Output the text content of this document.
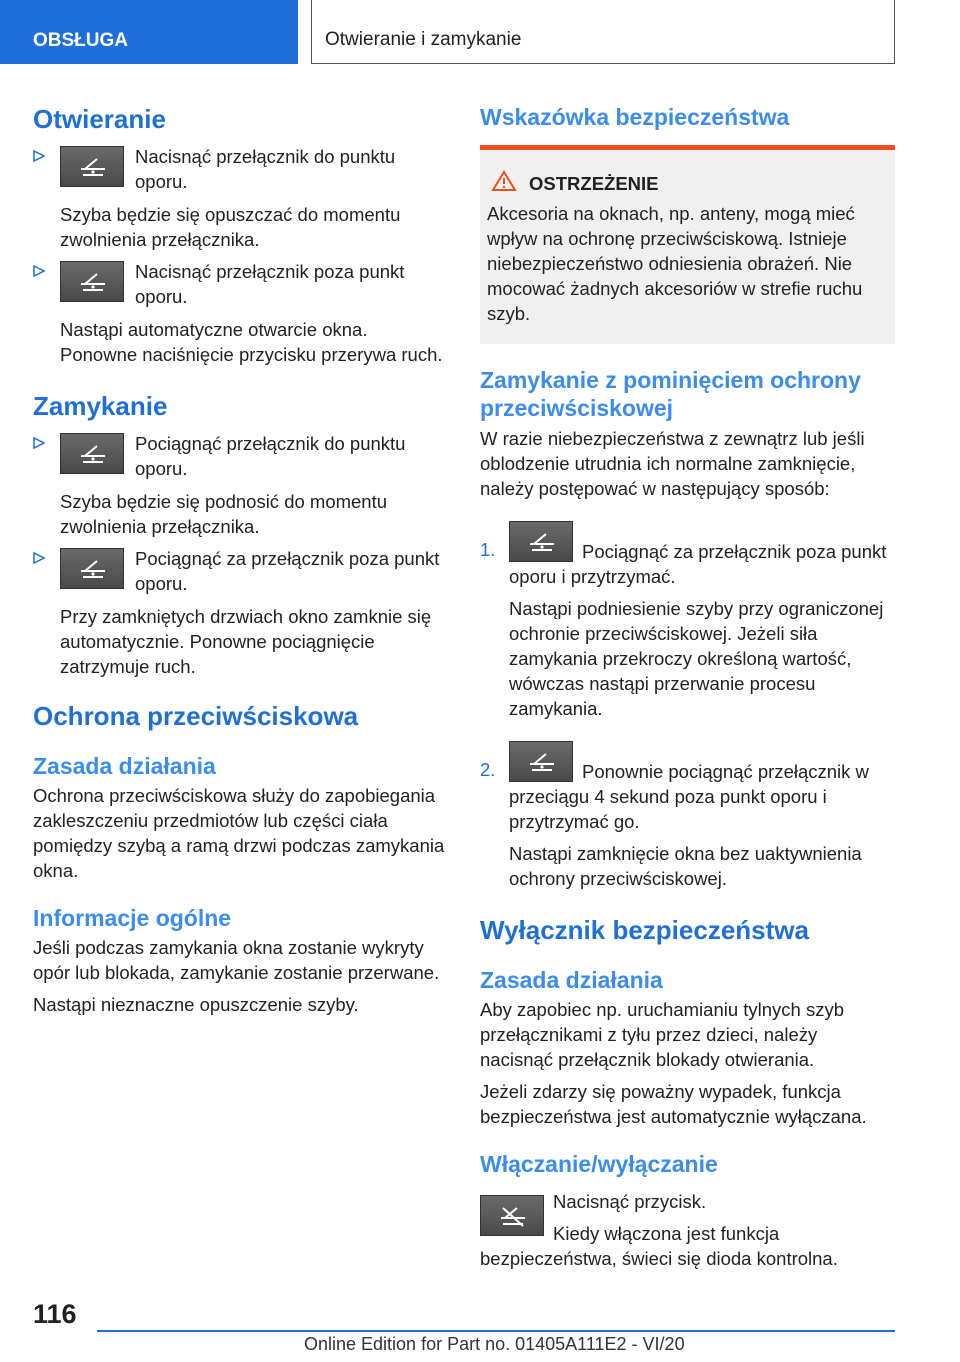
OBSŁUGA	Otwieranie i zamykanie
Otwieranie
Nacisnąć przełącznik do punktu oporu.
Szyba będzie się opuszczać do momentu zwolnienia przełącznika.
Nacisnąć przełącznik poza punkt oporu.
Nastąpi automatyczne otwarcie okna. Ponowne naciśnięcie przycisku przerywa ruch.
Zamykanie
Pociągnąć przełącznik do punktu oporu.
Szyba będzie się podnosić do momentu zwolnienia przełącznika.
Pociągnąć za przełącznik poza punkt oporu.
Przy zamkniętych drzwiach okno zamknie się automatycznie. Ponowne pociągnięcie zatrzymuje ruch.
Ochrona przeciwściskowa
Zasada działania
Ochrona przeciwściskowa służy do zapobiegania zakleszczeniu przedmiotów lub części ciała pomiędzy szybą a ramą drzwi podczas zamykania okna.
Informacje ogólne
Jeśli podczas zamykania okna zostanie wykryty opór lub blokada, zamykanie zostanie przerwane.
Nastąpi nieznaczne opuszczenie szyby.
Wskazówka bezpieczeństwa
OSTRZEŻENIE
Akcesoria na oknach, np. anteny, mogą mieć wpływ na ochronę przeciwściskową. Istnieje niebezpieczeństwo odniesienia obrażeń. Nie mocować żadnych akcesoriów w strefie ruchu szyb.
Zamykanie z pominięciem ochrony przeciwściskowej
W razie niebezpieczeństwa z zewnątrz lub jeśli oblodzenie utrudnia ich normalne zamknięcie, należy postępować w następujący sposób:
1.	Pociągnąć za przełącznik poza punkt oporu i przytrzymać.
Nastąpi podniesienie szyby przy ograniczonej ochronie przeciwściskowej. Jeżeli siła zamykania przekroczy określoną wartość, wówczas nastąpi przerwanie procesu zamykania.
2.	Ponownie pociągnąć przełącznik w przeciągu 4 sekund poza punkt oporu i przytrzymać go.
Nastąpi zamknięcie okna bez uaktywnienia ochrony przeciwściskowej.
Wyłącznik bezpieczeństwa
Zasada działania
Aby zapobiec np. uruchamianiu tylnych szyb przełącznikami z tyłu przez dzieci, należy nacisnąć przełącznik blokady otwierania.
Jeżeli zdarzy się poważny wypadek, funkcja bezpieczeństwa jest automatycznie wyłączana.
Włączanie/wyłączanie
Nacisnąć przycisk.
Kiedy włączona jest funkcja bezpieczeństwa, świeci się dioda kontrolna.
116
Online Edition for Part no. 01405A111E2 - VI/20
